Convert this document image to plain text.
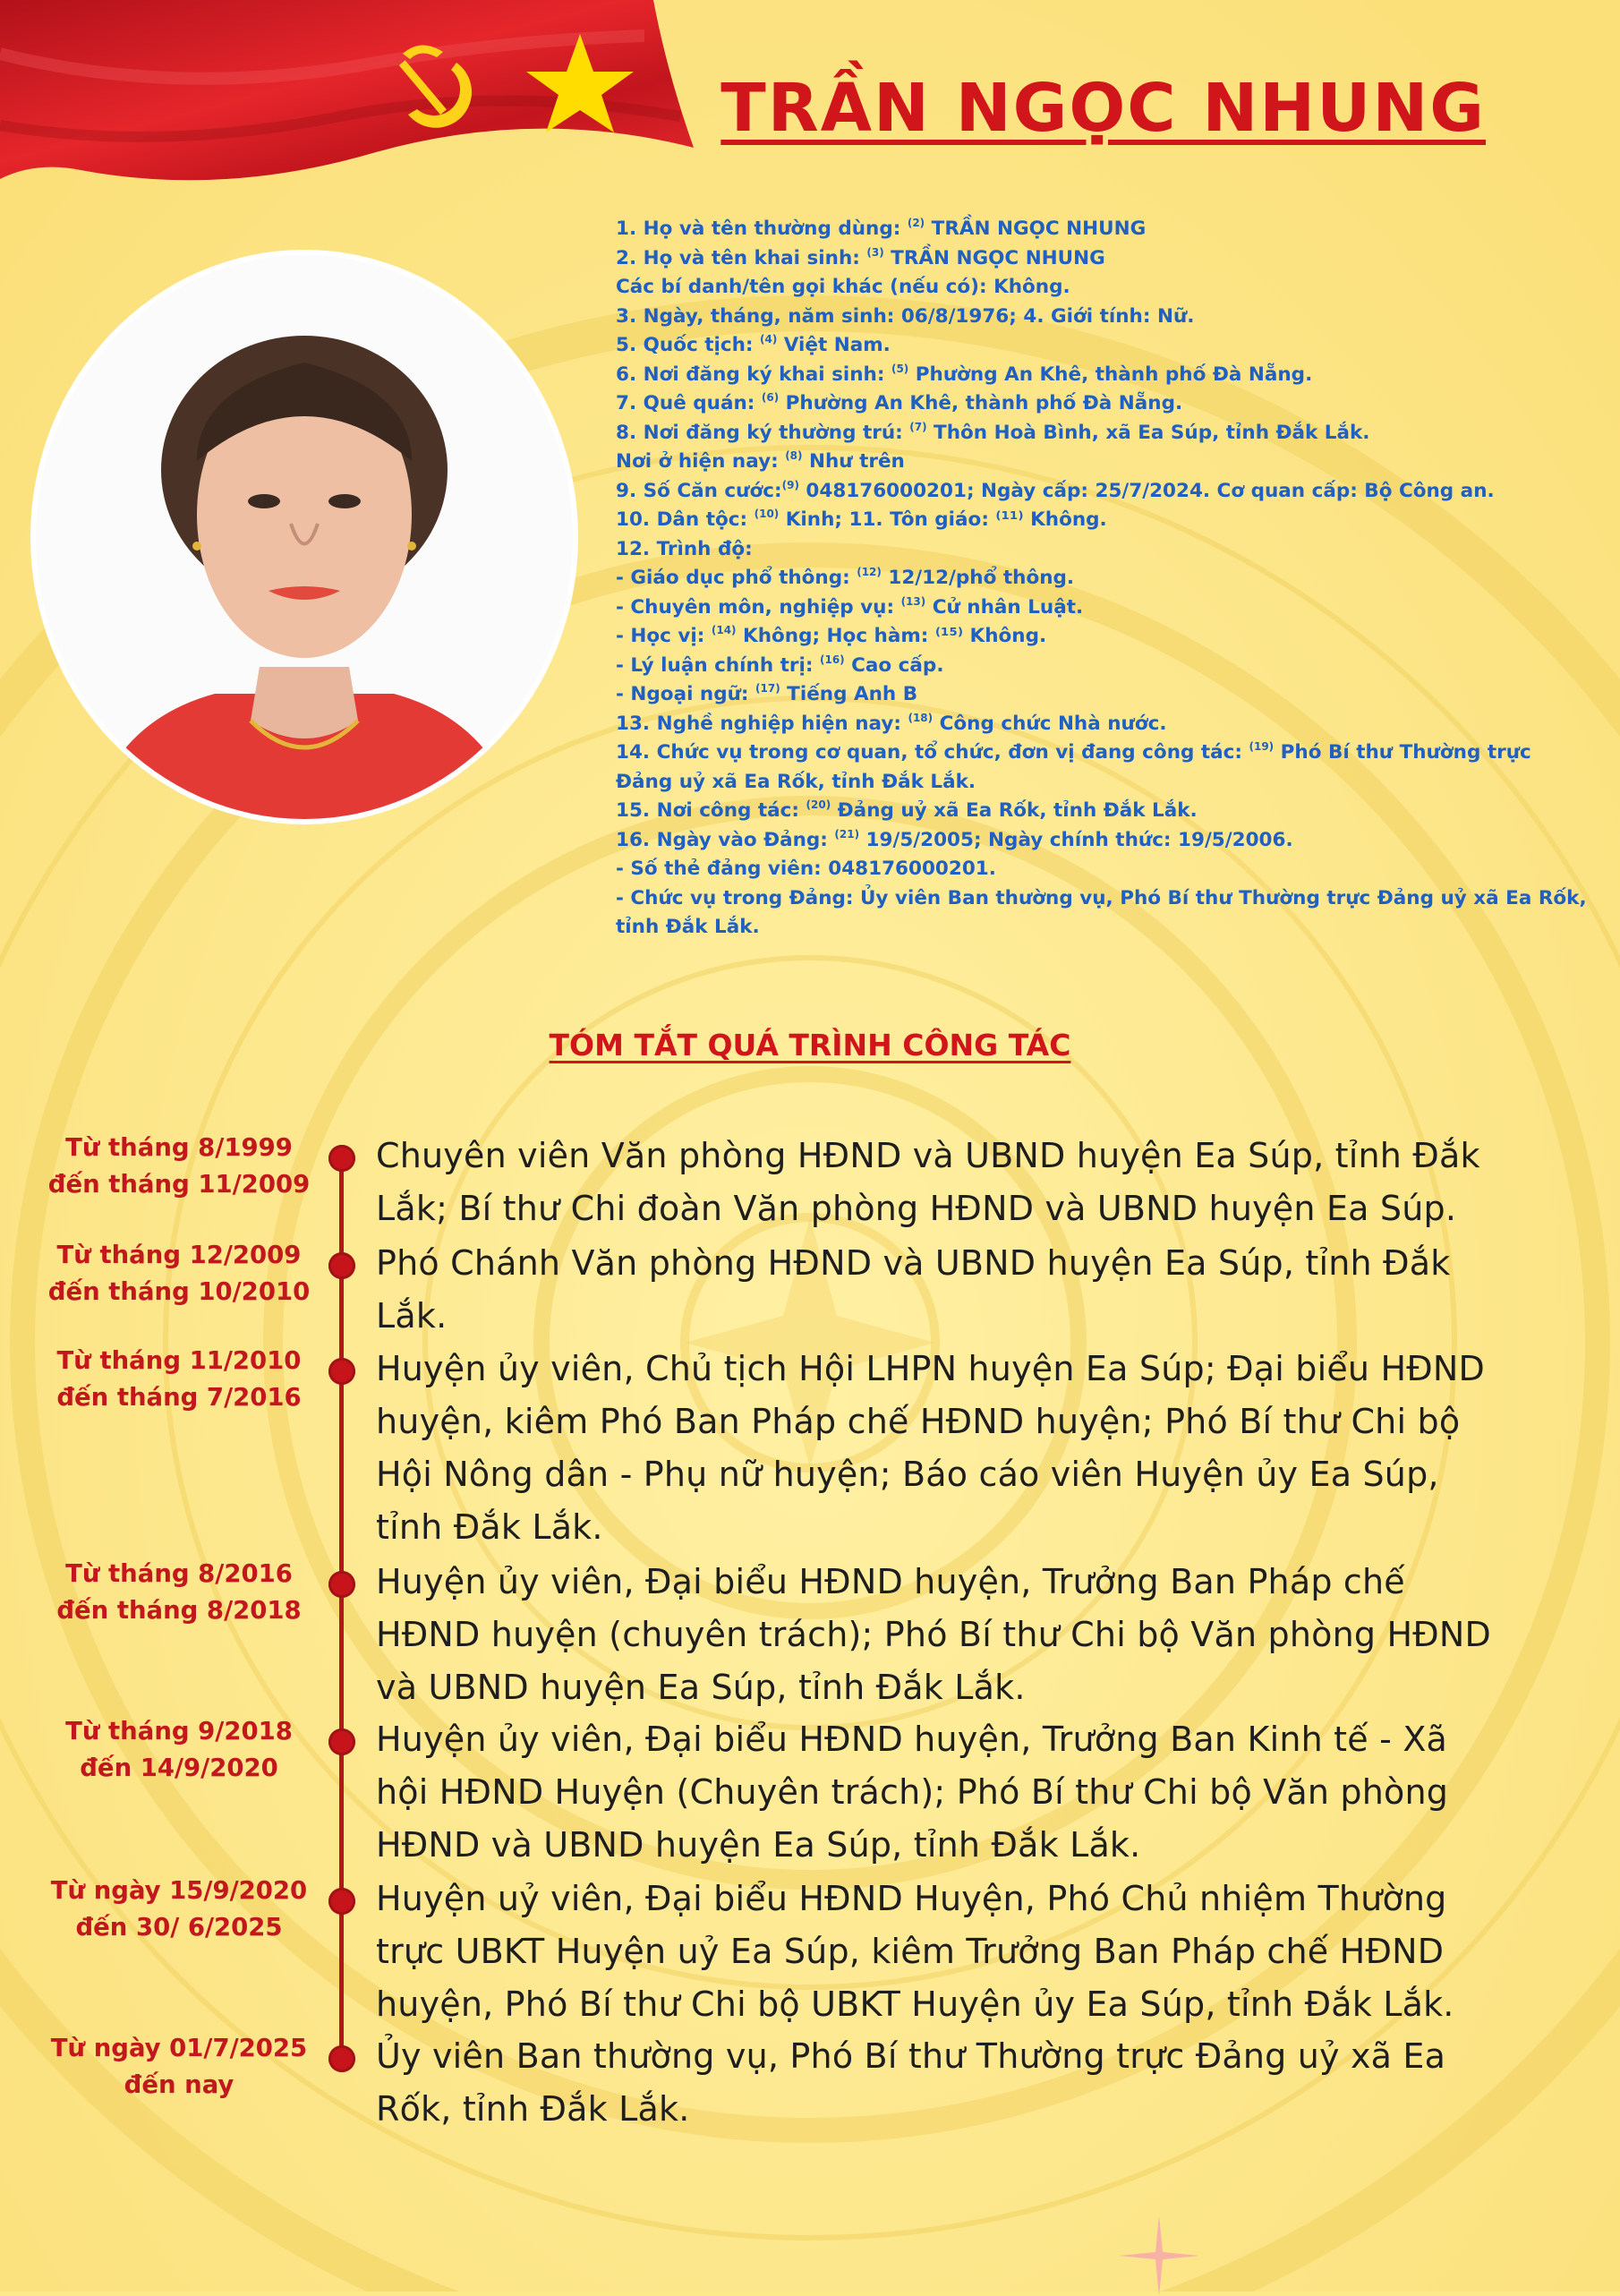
TRẦN NGỌC NHUNG
1. Họ và tên thường dùng: $^{(2)}$ TRẦN NGỌC NHUNG
2. Họ và tên khai sinh: $^{(3)}$ TRẦN NGỌC NHUNG
Các bí danh/tên gọi khác (nếu có): Không.
3. Ngày, tháng, năm sinh: 06/8/1976; 4. Giới tính: Nữ.
5. Quốc tịch: $^{(4)}$ Việt Nam.
6. Nơi đăng ký khai sinh: $^{(5)}$ Phường An Khê, thành phố Đà Nẵng.
7. Quê quán: $^{(6)}$ Phường An Khê, thành phố Đà Nẵng.
8. Nơi đăng ký thường trú: $^{(7)}$ Thôn Hoà Bình, xã Ea Súp, tỉnh Đắk Lắk.
Nơi ở hiện nay: $^{(8)}$ Như trên
9. Số Căn cước:$^{(9)}$ 048176000201; Ngày cấp: 25/7/2024. Cơ quan cấp: Bộ Công an.
10. Dân tộc: $^{(10)}$ Kinh; 11. Tôn giáo: ⁽¹¹⁾ Không.
12. Trình độ:
- Giáo dục phổ thông: $^{(12)}$ 12/12/phổ thông.
- Chuyên môn, nghiệp vụ: $^{(13)}$ Cử nhân Luật.
- Học vị: $^{(14)}$ Không; Học hàm: ⁽¹⁵⁾ Không.
- Lý luận chính trị: $^{(16)}$ Cao cấp.
- Ngoại ngữ: $^{(17)}$ Tiếng Anh B
13. Nghề nghiệp hiện nay: $^{(18)}$ Công chức Nhà nước.
14. Chức vụ trong cơ quan, tổ chức, đơn vị đang công tác: $^{(19)}$ Phó Bí thư Thường trực
Đảng uỷ xã Ea Rốk, tỉnh Đắk Lắk.
15. Nơi công tác: $^{(20)}$ Đảng uỷ xã Ea Rốk, tỉnh Đắk Lắk.
16. Ngày vào Đảng: $^{(21)}$ 19/5/2005; Ngày chính thức: 19/5/2006.
- Số thẻ đảng viên: 048176000201.
- Chức vụ trong Đảng: Ủy viên Ban thường vụ, Phó Bí thư Thường trực Đảng uỷ xã Ea Rốk,
tỉnh Đắk Lắk.
TÓM TẮT QUÁ TRÌNH CÔNG TÁC
Từ tháng 8/1999
đến tháng 11/2009
Chuyên viên Văn phòng HĐND và UBND huyện Ea Súp, tỉnh Đắk
Lắk; Bí thư Chi đoàn Văn phòng HĐND và UBND huyện Ea Súp.
Từ tháng 12/2009
đến tháng 10/2010
Phó Chánh Văn phòng HĐND và UBND huyện Ea Súp, tỉnh Đắk
Lắk.
Từ tháng 11/2010
đến tháng 7/2016
Huyện ủy viên, Chủ tịch Hội LHPN huyện Ea Súp; Đại biểu HĐND
huyện, kiêm Phó Ban Pháp chế HĐND huyện; Phó Bí thư Chi bộ
Hội Nông dân - Phụ nữ huyện; Báo cáo viên Huyện ủy Ea Súp,
tỉnh Đắk Lắk.
Từ tháng 8/2016
đến tháng 8/2018
Huyện ủy viên, Đại biểu HĐND huyện, Trưởng Ban Pháp chế
HĐND huyện (chuyên trách); Phó Bí thư Chi bộ Văn phòng HĐND
và UBND huyện Ea Súp, tỉnh Đắk Lắk.
Từ tháng 9/2018
đến 14/9/2020
Huyện ủy viên, Đại biểu HĐND huyện, Trưởng Ban Kinh tế - Xã
hội HĐND Huyện (Chuyên trách); Phó Bí thư Chi bộ Văn phòng
HĐND và UBND huyện Ea Súp, tỉnh Đắk Lắk.
Từ ngày 15/9/2020
đến 30/ 6/2025
Huyện uỷ viên, Đại biểu HĐND Huyện, Phó Chủ nhiệm Thường
trực UBKT Huyện uỷ Ea Súp, kiêm Trưởng Ban Pháp chế HĐND
huyện, Phó Bí thư Chi bộ UBKT Huyện ủy Ea Súp, tỉnh Đắk Lắk.
Từ ngày 01/7/2025
đến nay
Ủy viên Ban thường vụ, Phó Bí thư Thường trực Đảng uỷ xã Ea
Rốk, tỉnh Đắk Lắk.
